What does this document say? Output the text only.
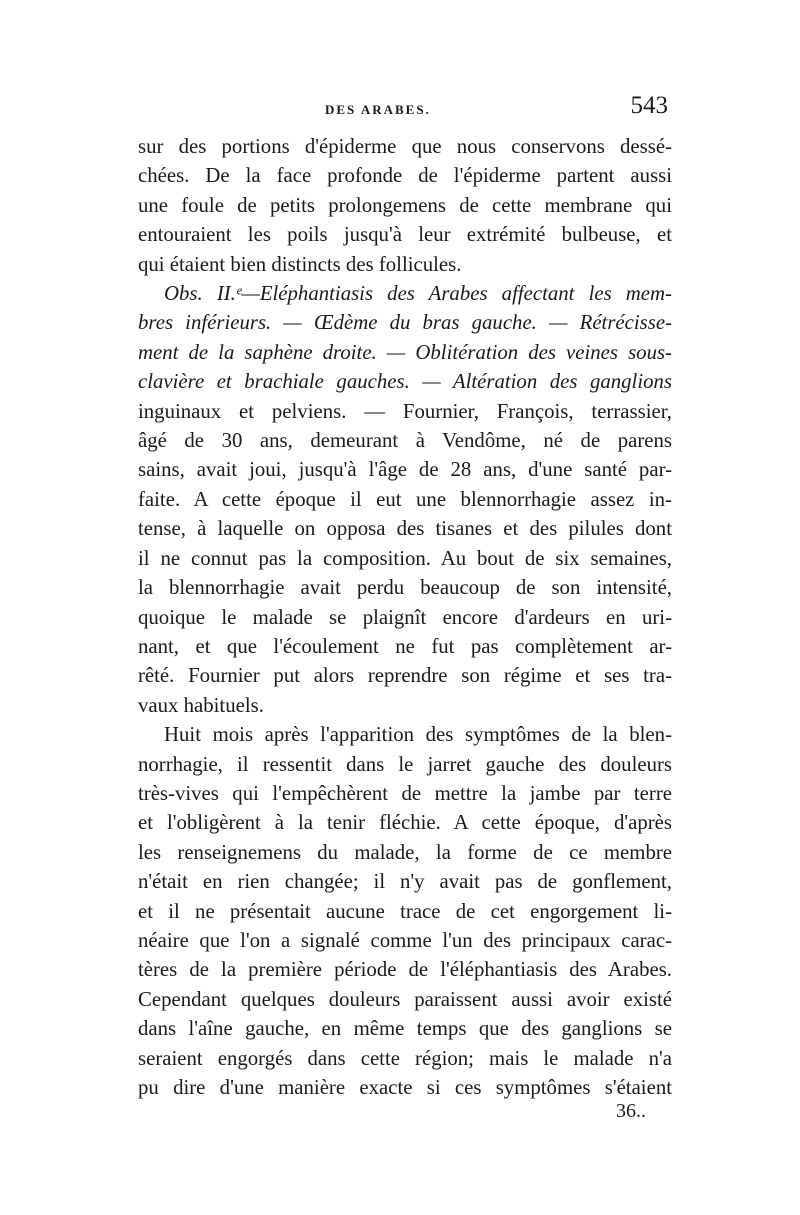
DES ARABES.	543
sur des portions d'épiderme que nous conservons dessé-
chées. De la face profonde de l'épiderme partent aussi
une foule de petits prolongemens de cette membrane qui
entouraient les poils jusqu'à leur extrémité bulbeuse, et
qui étaient bien distincts des follicules.
Obs. II.ᵉ—Eléphantiasis des Arabes affectant les mem-
bres inférieurs. — Œdème du bras gauche. — Rétrécisse-
ment de la saphène droite. — Oblitération des veines sous-
clavière et brachiale gauches. — Altération des ganglions
inguinaux et pelviens. — Fournier, François, terrassier,
âgé de 30 ans, demeurant à Vendôme, né de parens
sains, avait joui, jusqu'à l'âge de 28 ans, d'une santé par-
faite. A cette époque il eut une blennorrhagie assez in-
tense, à laquelle on opposa des tisanes et des pilules dont
il ne connut pas la composition. Au bout de six semaines,
la blennorrhagie avait perdu beaucoup de son intensité,
quoique le malade se plaignît encore d'ardeurs en uri-
nant, et que l'écoulement ne fut pas complètement ar-
rêté. Fournier put alors reprendre son régime et ses tra-
vaux habituels.
Huit mois après l'apparition des symptômes de la blen-
norrhagie, il ressentit dans le jarret gauche des douleurs
très-vives qui l'empêchèrent de mettre la jambe par terre
et l'obligèrent à la tenir fléchie. A cette époque, d'après
les renseignemens du malade, la forme de ce membre
n'était en rien changée; il n'y avait pas de gonflement,
et il ne présentait aucune trace de cet engorgement li-
néaire que l'on a signalé comme l'un des principaux carac-
tères de la première période de l'éléphantiasis des Arabes.
Cependant quelques douleurs paraissent aussi avoir existé
dans l'aîne gauche, en même temps que des ganglions se
seraient engorgés dans cette région; mais le malade n'a
pu dire d'une manière exacte si ces symptômes s'étaient
36..
